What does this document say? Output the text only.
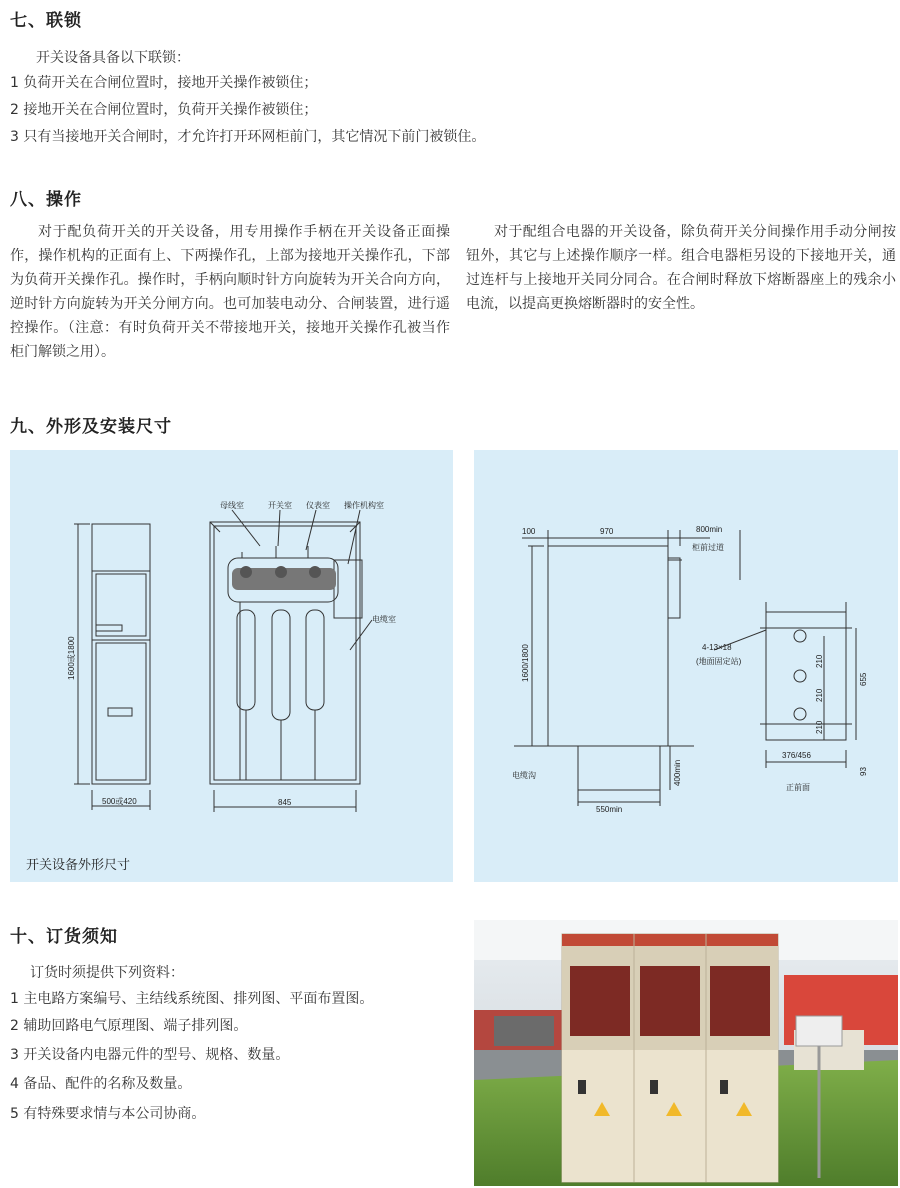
七、联锁
开关设备具备以下联锁：
1 负荷开关在合闸位置时，接地开关操作被锁住；
2 接地开关在合闸位置时，负荷开关操作被锁住；
3 只有当接地开关合闸时，才允许打开环网柜前门，其它情况下前门被锁住。
八、操作
对于配负荷开关的开关设备，用专用操作手柄在开关设备正面操作，操作机构的正面有上、下两操作孔，上部为接地开关操作孔，下部为负荷开关操作孔。操作时，手柄向顺时针方向旋转为开关合向方向，逆时针方向旋转为开关分闸方向。也可加装电动分、合闸装置，进行遥控操作。（注意：有时负荷开关不带接地开关，接地开关操作孔被当作柜门解锁之用）。
对于配组合电器的开关设备，除负荷开关分间操作用手动分闸按钮外，其它与上述操作顺序一样。组合电器柜另设的下接地开关，通过连杆与上接地开关同分同合。在合闸时释放下熔断器座上的残余小电流，以提高更换熔断器时的安全性。
九、外形及安装尺寸
母线室	开关室 仪表室 操作机构室
电缆室
500或420	845
1600或1800
开关设备外形尺寸
100	970	800min
柜前过道
1600/1800
电缆沟	400min
550min
4-13×18
(地面固定站)	210
210
210
655
93
376/456
正前面
十、订货须知
订货时须提供下列资料：
1 主电路方案编号、主结线系统图、排列图、平面布置图。
2 辅助回路电气原理图、端子排列图。
3 开关设备内电器元件的型号、规格、数量。
4 备品、配件的名称及数量。
5 有特殊要求情与本公司协商。
